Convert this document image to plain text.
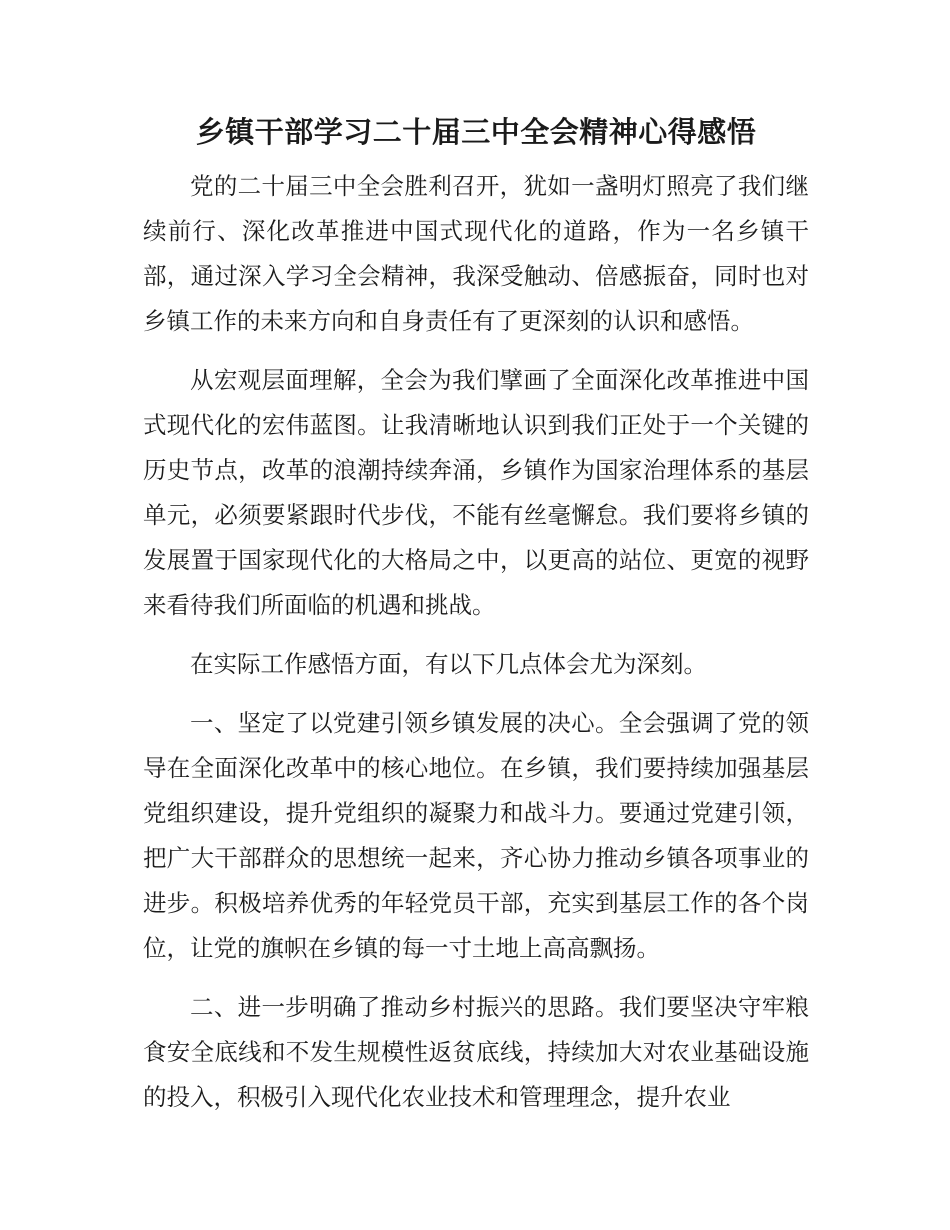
乡镇干部学习二十届三中全会精神心得感悟

党的二十届三中全会胜利召开，犹如一盏明灯照亮了我们继续前行、深化改革推进中国式现代化的道路，作为一名乡镇干部，通过深入学习全会精神，我深受触动、倍感振奋，同时也对乡镇工作的未来方向和自身责任有了更深刻的认识和感悟。

从宏观层面理解，全会为我们擘画了全面深化改革推进中国式现代化的宏伟蓝图。让我清晰地认识到我们正处于一个关键的历史节点，改革的浪潮持续奔涌，乡镇作为国家治理体系的基层单元，必须要紧跟时代步伐，不能有丝毫懈怠。我们要将乡镇的发展置于国家现代化的大格局之中，以更高的站位、更宽的视野来看待我们所面临的机遇和挑战。

在实际工作感悟方面，有以下几点体会尤为深刻。

一、坚定了以党建引领乡镇发展的决心。全会强调了党的领导在全面深化改革中的核心地位。在乡镇，我们要持续加强基层党组织建设，提升党组织的凝聚力和战斗力。要通过党建引领，把广大干部群众的思想统一起来，齐心协力推动乡镇各项事业的进步。积极培养优秀的年轻党员干部，充实到基层工作的各个岗位，让党的旗帜在乡镇的每一寸土地上高高飘扬。

二、进一步明确了推动乡村振兴的思路。我们要坚决守牢粮食安全底线和不发生规模性返贫底线，持续加大对农业基础设施的投入，积极引入现代化农业技术和管理理念，提升农业
